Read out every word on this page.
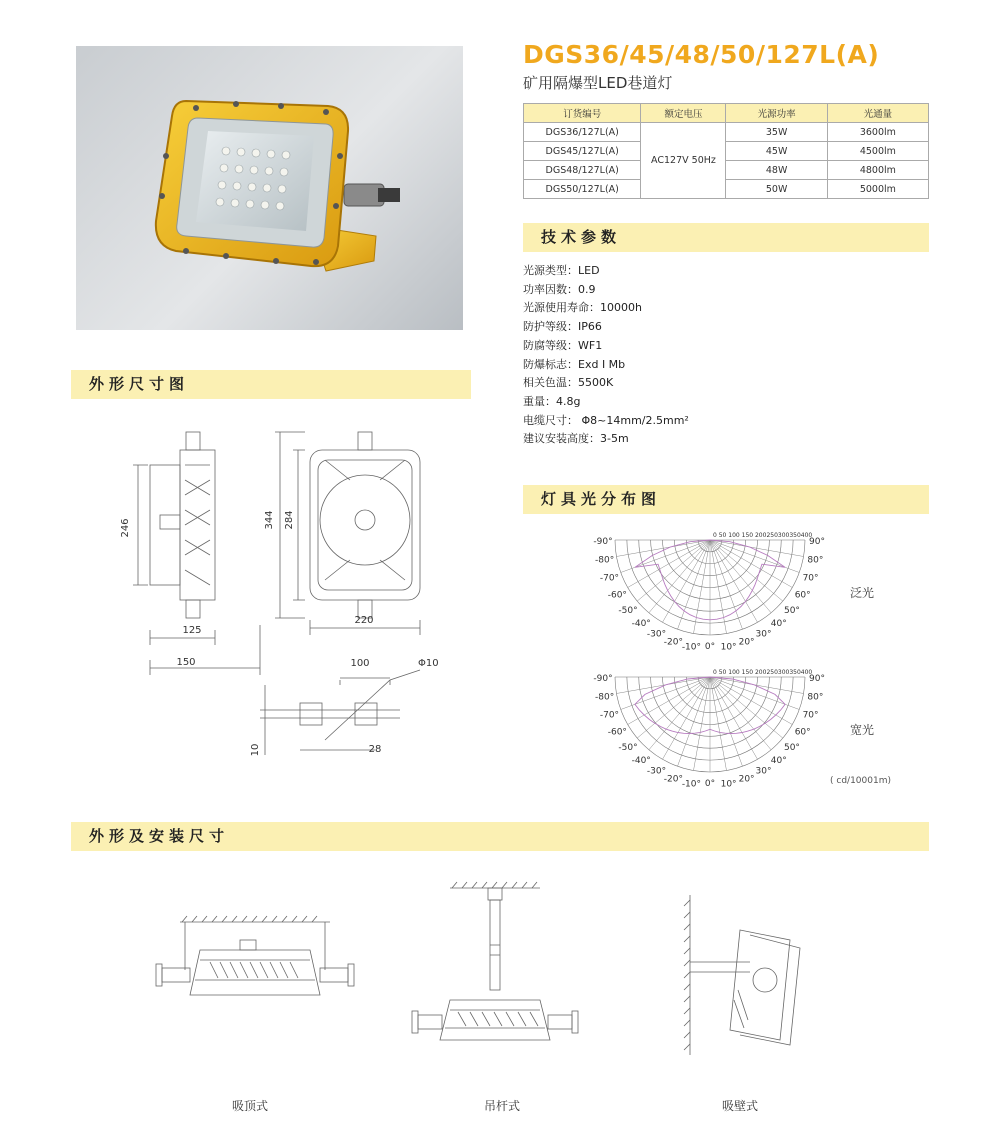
DGS36/45/48/50/127L(A)
矿用隔爆型LED巷道灯
订货编号	额定电压	光源功率	光通量
DGS36/127L(A)	AC127V 50Hz	35W	3600lm
DGS45/127L(A)		45W	4500lm
DGS48/127L(A)		48W	4800lm
DGS50/127L(A)		50W	5000lm
技术参数
光源类型：LED
功率因数：0.9
光源使用寿命：10000h
防护等级：IP66
防腐等级：WF1
防爆标志：Exd I Mb
相关色温：5500K
重量：4.8g
电缆尺寸： Φ8~14mm/2.5mm²
建议安装高度：3-5m
外形尺寸图
246	344 284
125
150
220
100	Φ10
10	28
灯具光分布图
-90°	90°
-80°	80°
-70°	70°
-60°	60°
-50°	50°
-40°	40°
-30°	30°
-20°	20°
-10° 10°
0°
0 50 100 150 200250300350400
-90°	90°
-80°	80°
-70°	70°
-60°	60°
-50°	50°
-40°	40°
-30°	30°
-20°	20°
-10° 10°
0°
0 50 100 150 200250300350400
泛光
宽光
( cd/10001m)
外形及安装尺寸
吸顶式	吊杆式	吸壁式
